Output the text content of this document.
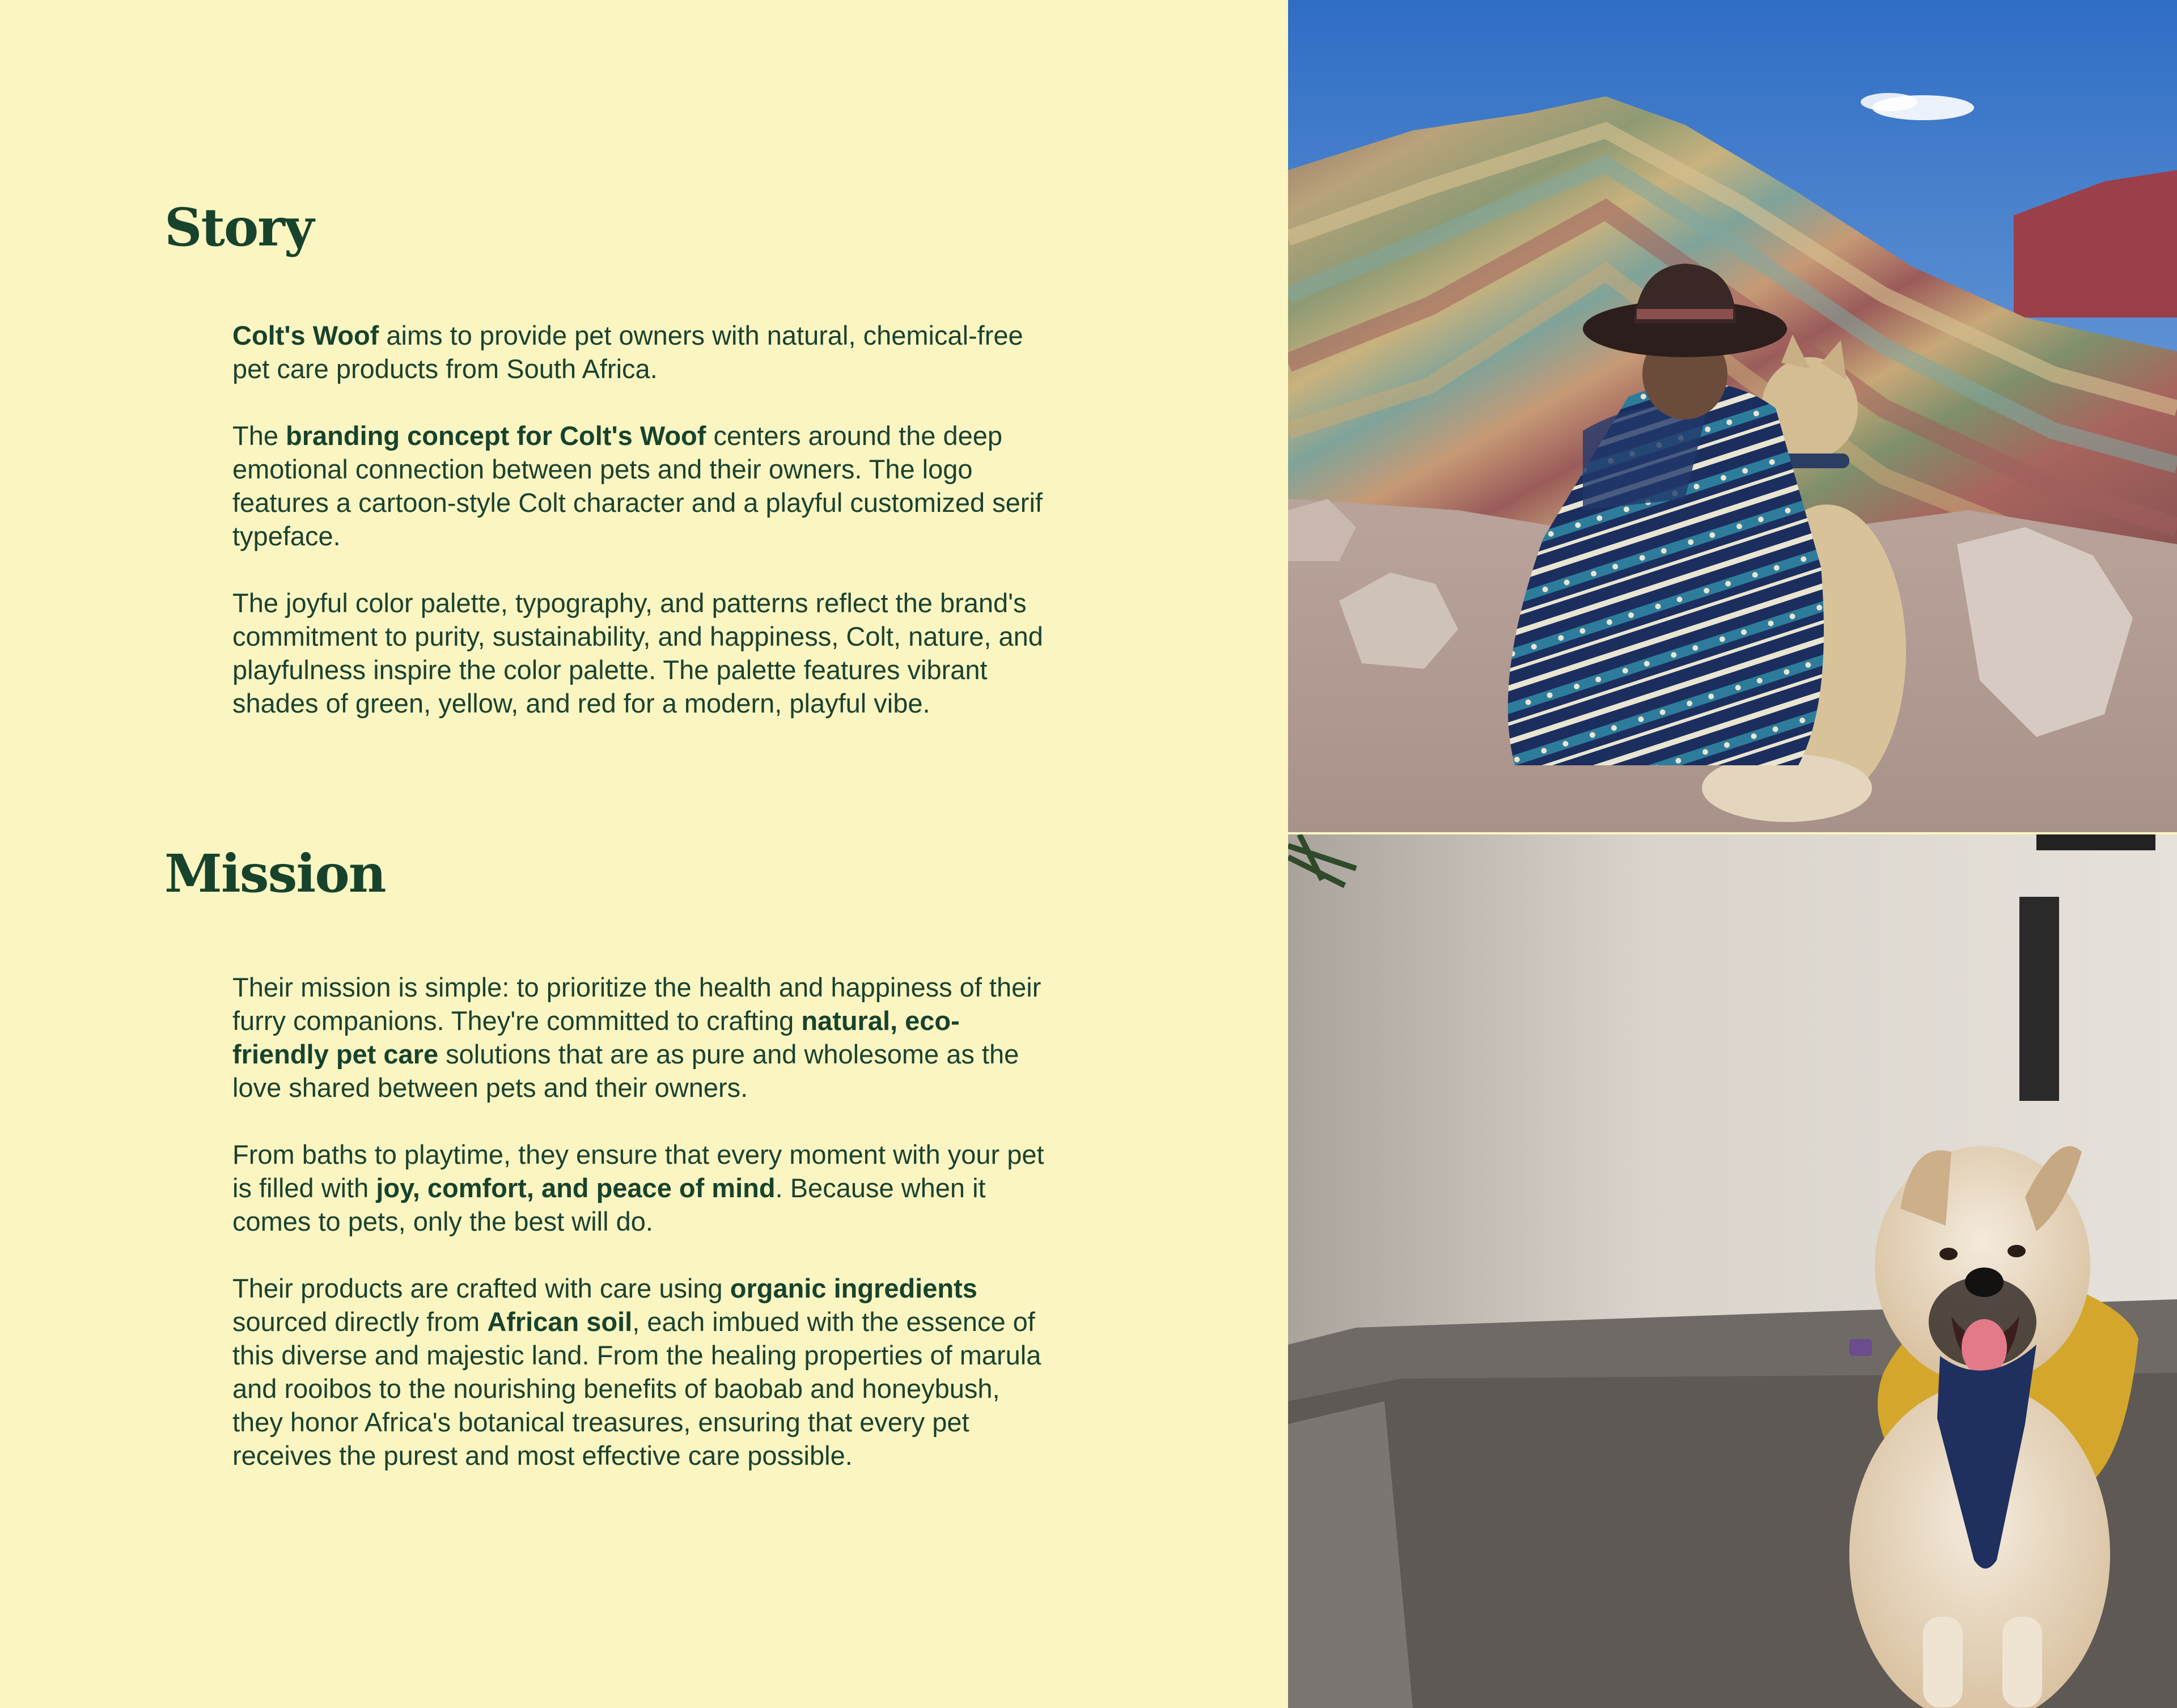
Story

Colt's Woof aims to provide pet owners with natural, chemical-free pet care products from South Africa.

The branding concept for Colt's Woof centers around the deep emotional connection between pets and their owners. The logo features a cartoon-style Colt character and a playful customized serif typeface.

The joyful color palette, typography, and patterns reflect the brand's commitment to purity, sustainability, and happiness, Colt, nature, and playfulness inspire the color palette. The palette features vibrant shades of green, yellow, and red for a modern, playful vibe.

Mission

Their mission is simple: to prioritize the health and happiness of their furry companions. They're committed to crafting natural, eco-friendly pet care solutions that are as pure and wholesome as the love shared between pets and their owners.

From baths to playtime, they ensure that every moment with your pet is filled with joy, comfort, and peace of mind. Because when it comes to pets, only the best will do.

Their products are crafted with care using organic ingredients sourced directly from African soil, each imbued with the essence of this diverse and majestic land. From the healing properties of marula and rooibos to the nourishing benefits of baobab and honeybush, they honor Africa's botanical treasures, ensuring that every pet receives the purest and most effective care possible.
